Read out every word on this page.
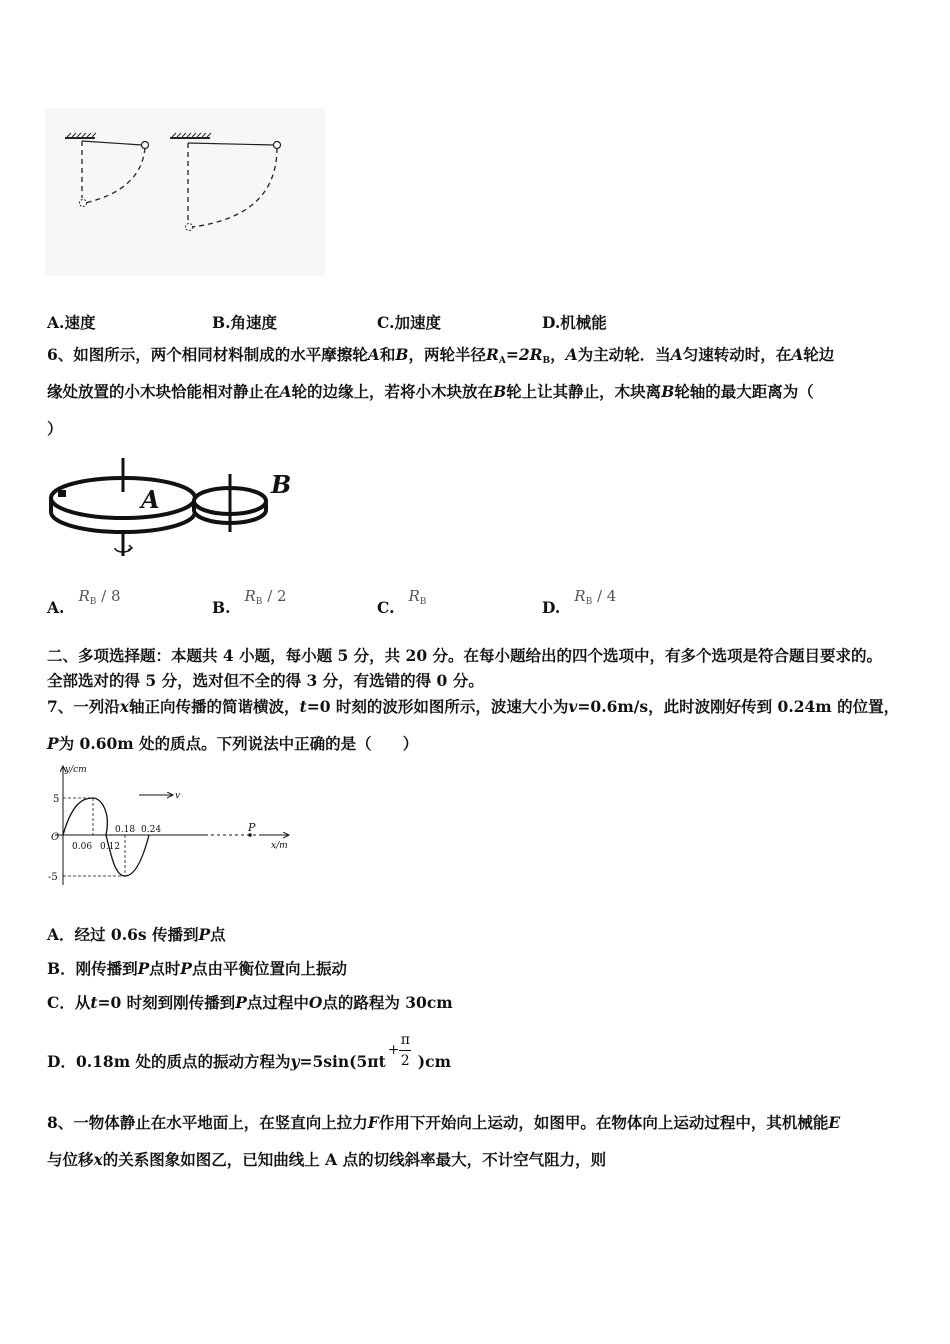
A.速度	B.角速度	C.加速度	D.机械能
6、如图所示，两个相同材料制成的水平摩擦轮A和B，两轮半径$R_A=2R_B$，A为主动轮．当A匀速转动时，在A轮边
缘处放置的小木块恰能相对静止在A轮的边缘上，若将小木块放在B轮上让其静止，木块离B轮轴的最大距离为（
）
A
B
$A.R_B / 8$
$B.R_B / 2$
$C.R_B$	$D.R_B / 4$
二、多项选择题：本题共 4 小题，每小题 5 分，共 20 分。在每小题给出的四个选项中，有多个选项是符合题目要求的。
全部选对的得 5 分，选对但不全的得 3 分，有选错的得 0 分。
7、一列沿x轴正向传播的简谐横波，t=0 时刻的波形如图所示，波速大小为v=0.6m/s，此时波刚好传到 0.24m 的位置，
P为 0.60m 处的质点。下列说法中正确的是（　　）
y/cm
x/m
5
-5
O
0.06 0.12
0.18 0.24
v
P
A．经过 0.6s 传播到P点
B．刚传播到P点时P点由平衡位置向上振动
C．从t=0 时刻到刚传播到P点过程中O点的路程为 30cm
D．0.18m 处的质点的振动方程为y=5sin(5πt
+
π
2 )cm
8、一物体静止在水平地面上，在竖直向上拉力F作用下开始向上运动，如图甲。在物体向上运动过程中，其机械能E
与位移x的关系图象如图乙，已知曲线上 A 点的切线斜率最大，不计空气阻力，则
